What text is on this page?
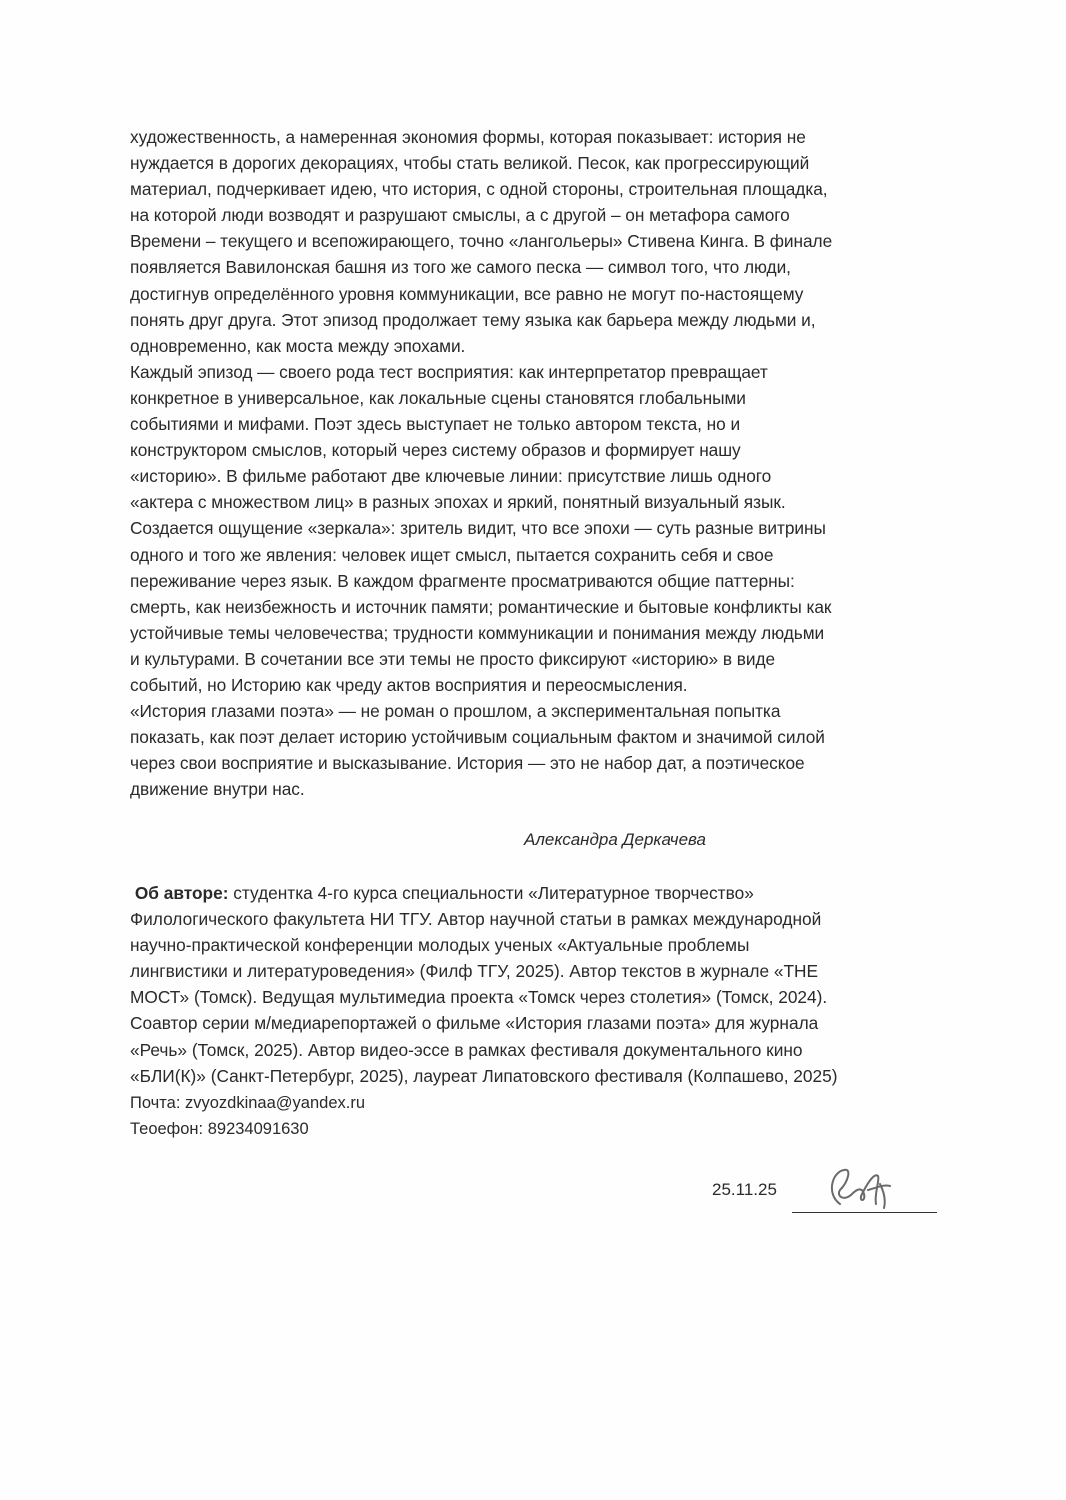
художественность, а намеренная экономия формы, которая показывает: история не
нуждается в дорогих декорациях, чтобы стать великой. Песок, как прогрессирующий
материал, подчеркивает идею, что история, с одной стороны, строительная площадка,
на которой люди возводят и разрушают смыслы, а с другой – он метафора самого
Времени – текущего и всепожирающего, точно «лангольеры» Стивена Кинга. В финале
появляется Вавилонская башня из того же самого песка — символ того, что люди,
достигнув определённого уровня коммуникации, все равно не могут по-настоящему
понять друг друга. Этот эпизод продолжает тему языка как барьера между людьми и,
одновременно, как моста между эпохами.
Каждый эпизод — своего рода тест восприятия: как интерпретатор превращает
конкретное в универсальное, как локальные сцены становятся глобальными
событиями и мифами. Поэт здесь выступает не только автором текста, но и
конструктором смыслов, который через систему образов и формирует нашу
«историю». В фильме работают две ключевые линии: присутствие лишь одного
«актера с множеством лиц» в разных эпохах и яркий, понятный визуальный язык.
Создается ощущение «зеркала»: зритель видит, что все эпохи — суть разные витрины
одного и того же явления: человек ищет смысл, пытается сохранить себя и свое
переживание через язык. В каждом фрагменте просматриваются общие паттерны:
смерть, как неизбежность и источник памяти; романтические и бытовые конфликты как
устойчивые темы человечества; трудности коммуникации и понимания между людьми
и культурами. В сочетании все эти темы не просто фиксируют «историю» в виде
событий, но Историю как чреду актов восприятия и переосмысления.
«История глазами поэта» — не роман о прошлом, а экспериментальная попытка
показать, как поэт делает историю устойчивым социальным фактом и значимой силой
через свои восприятие и высказывание. История — это не набор дат, а поэтическое
движение внутри нас.
Александра Деркачева
Об авторе: студентка 4-го курса специальности «Литературное творчество»
Филологического факультета НИ ТГУ. Автор научной статьи в рамках международной
научно-практической конференции молодых ученых «Актуальные проблемы
лингвистики и литературоведения» (Филф ТГУ, 2025). Автор текстов в журнале «THE
МОСТ» (Томск). Ведущая мультимедиа проекта «Томск через столетия» (Томск, 2024).
Соавтор серии м/медиарепортажей о фильме «История глазами поэта» для журнала
«Речь» (Томск, 2025). Автор видео-эссе в рамках фестиваля документального кино
«БЛИ(К)» (Санкт-Петербург, 2025), лауреат Липатовского фестиваля (Колпашево, 2025)
Почта: zvyozdkinaa@yandex.ru
Теоефон: 89234091630
25.11.25
